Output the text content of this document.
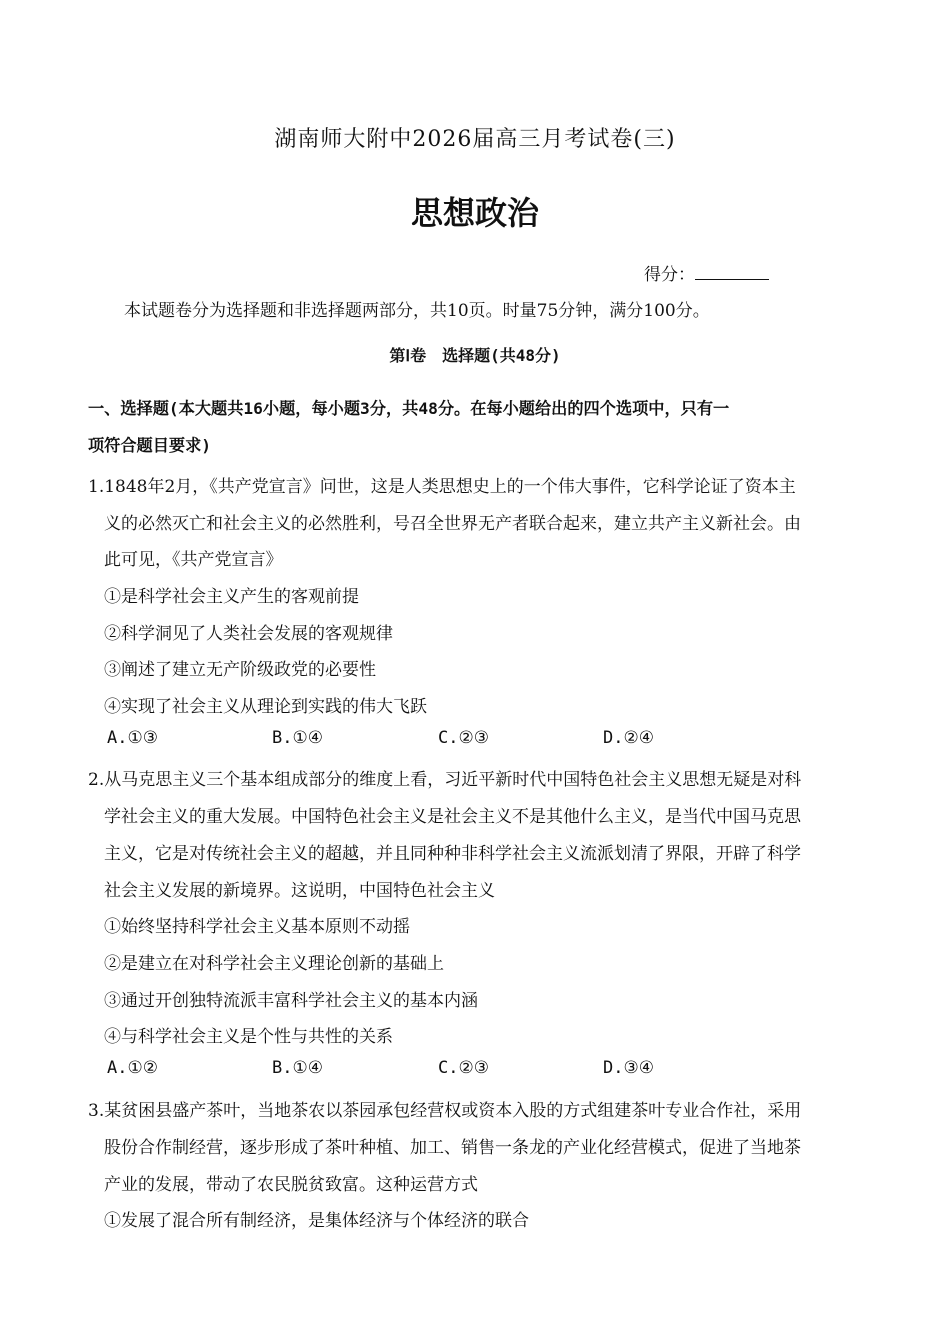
湖南师大附中2026届高三月考试卷(三)
思想政治
得分：
本试题卷分为选择题和非选择题两部分，共10页。时量75分钟，满分100分。
第Ⅰ卷　选择题(共48分)
一、选择题(本大题共16小题，每小题3分，共48分。在每小题给出的四个选项中，只有一
项符合题目要求)
1.1848年2月，《共产党宣言》问世，这是人类思想史上的一个伟大事件，它科学论证了资本主
义的必然灭亡和社会主义的必然胜利，号召全世界无产者联合起来，建立共产主义新社会。由
此可见，《共产党宣言》
①是科学社会主义产生的客观前提
②科学洞见了人类社会发展的客观规律
③阐述了建立无产阶级政党的必要性
④实现了社会主义从理论到实践的伟大飞跃
A.①③	B.①④	C.②③	D.②④
2.从马克思主义三个基本组成部分的维度上看，习近平新时代中国特色社会主义思想无疑是对科
学社会主义的重大发展。中国特色社会主义是社会主义不是其他什么主义，是当代中国马克思
主义，它是对传统社会主义的超越，并且同种种非科学社会主义流派划清了界限，开辟了科学
社会主义发展的新境界。这说明，中国特色社会主义
①始终坚持科学社会主义基本原则不动摇
②是建立在对科学社会主义理论创新的基础上
③通过开创独特流派丰富科学社会主义的基本内涵
④与科学社会主义是个性与共性的关系
A.①②	B.①④	C.②③	D.③④
3.某贫困县盛产茶叶，当地茶农以茶园承包经营权或资本入股的方式组建茶叶专业合作社，采用
股份合作制经营，逐步形成了茶叶种植、加工、销售一条龙的产业化经营模式，促进了当地茶
产业的发展，带动了农民脱贫致富。这种运营方式
①发展了混合所有制经济，是集体经济与个体经济的联合
